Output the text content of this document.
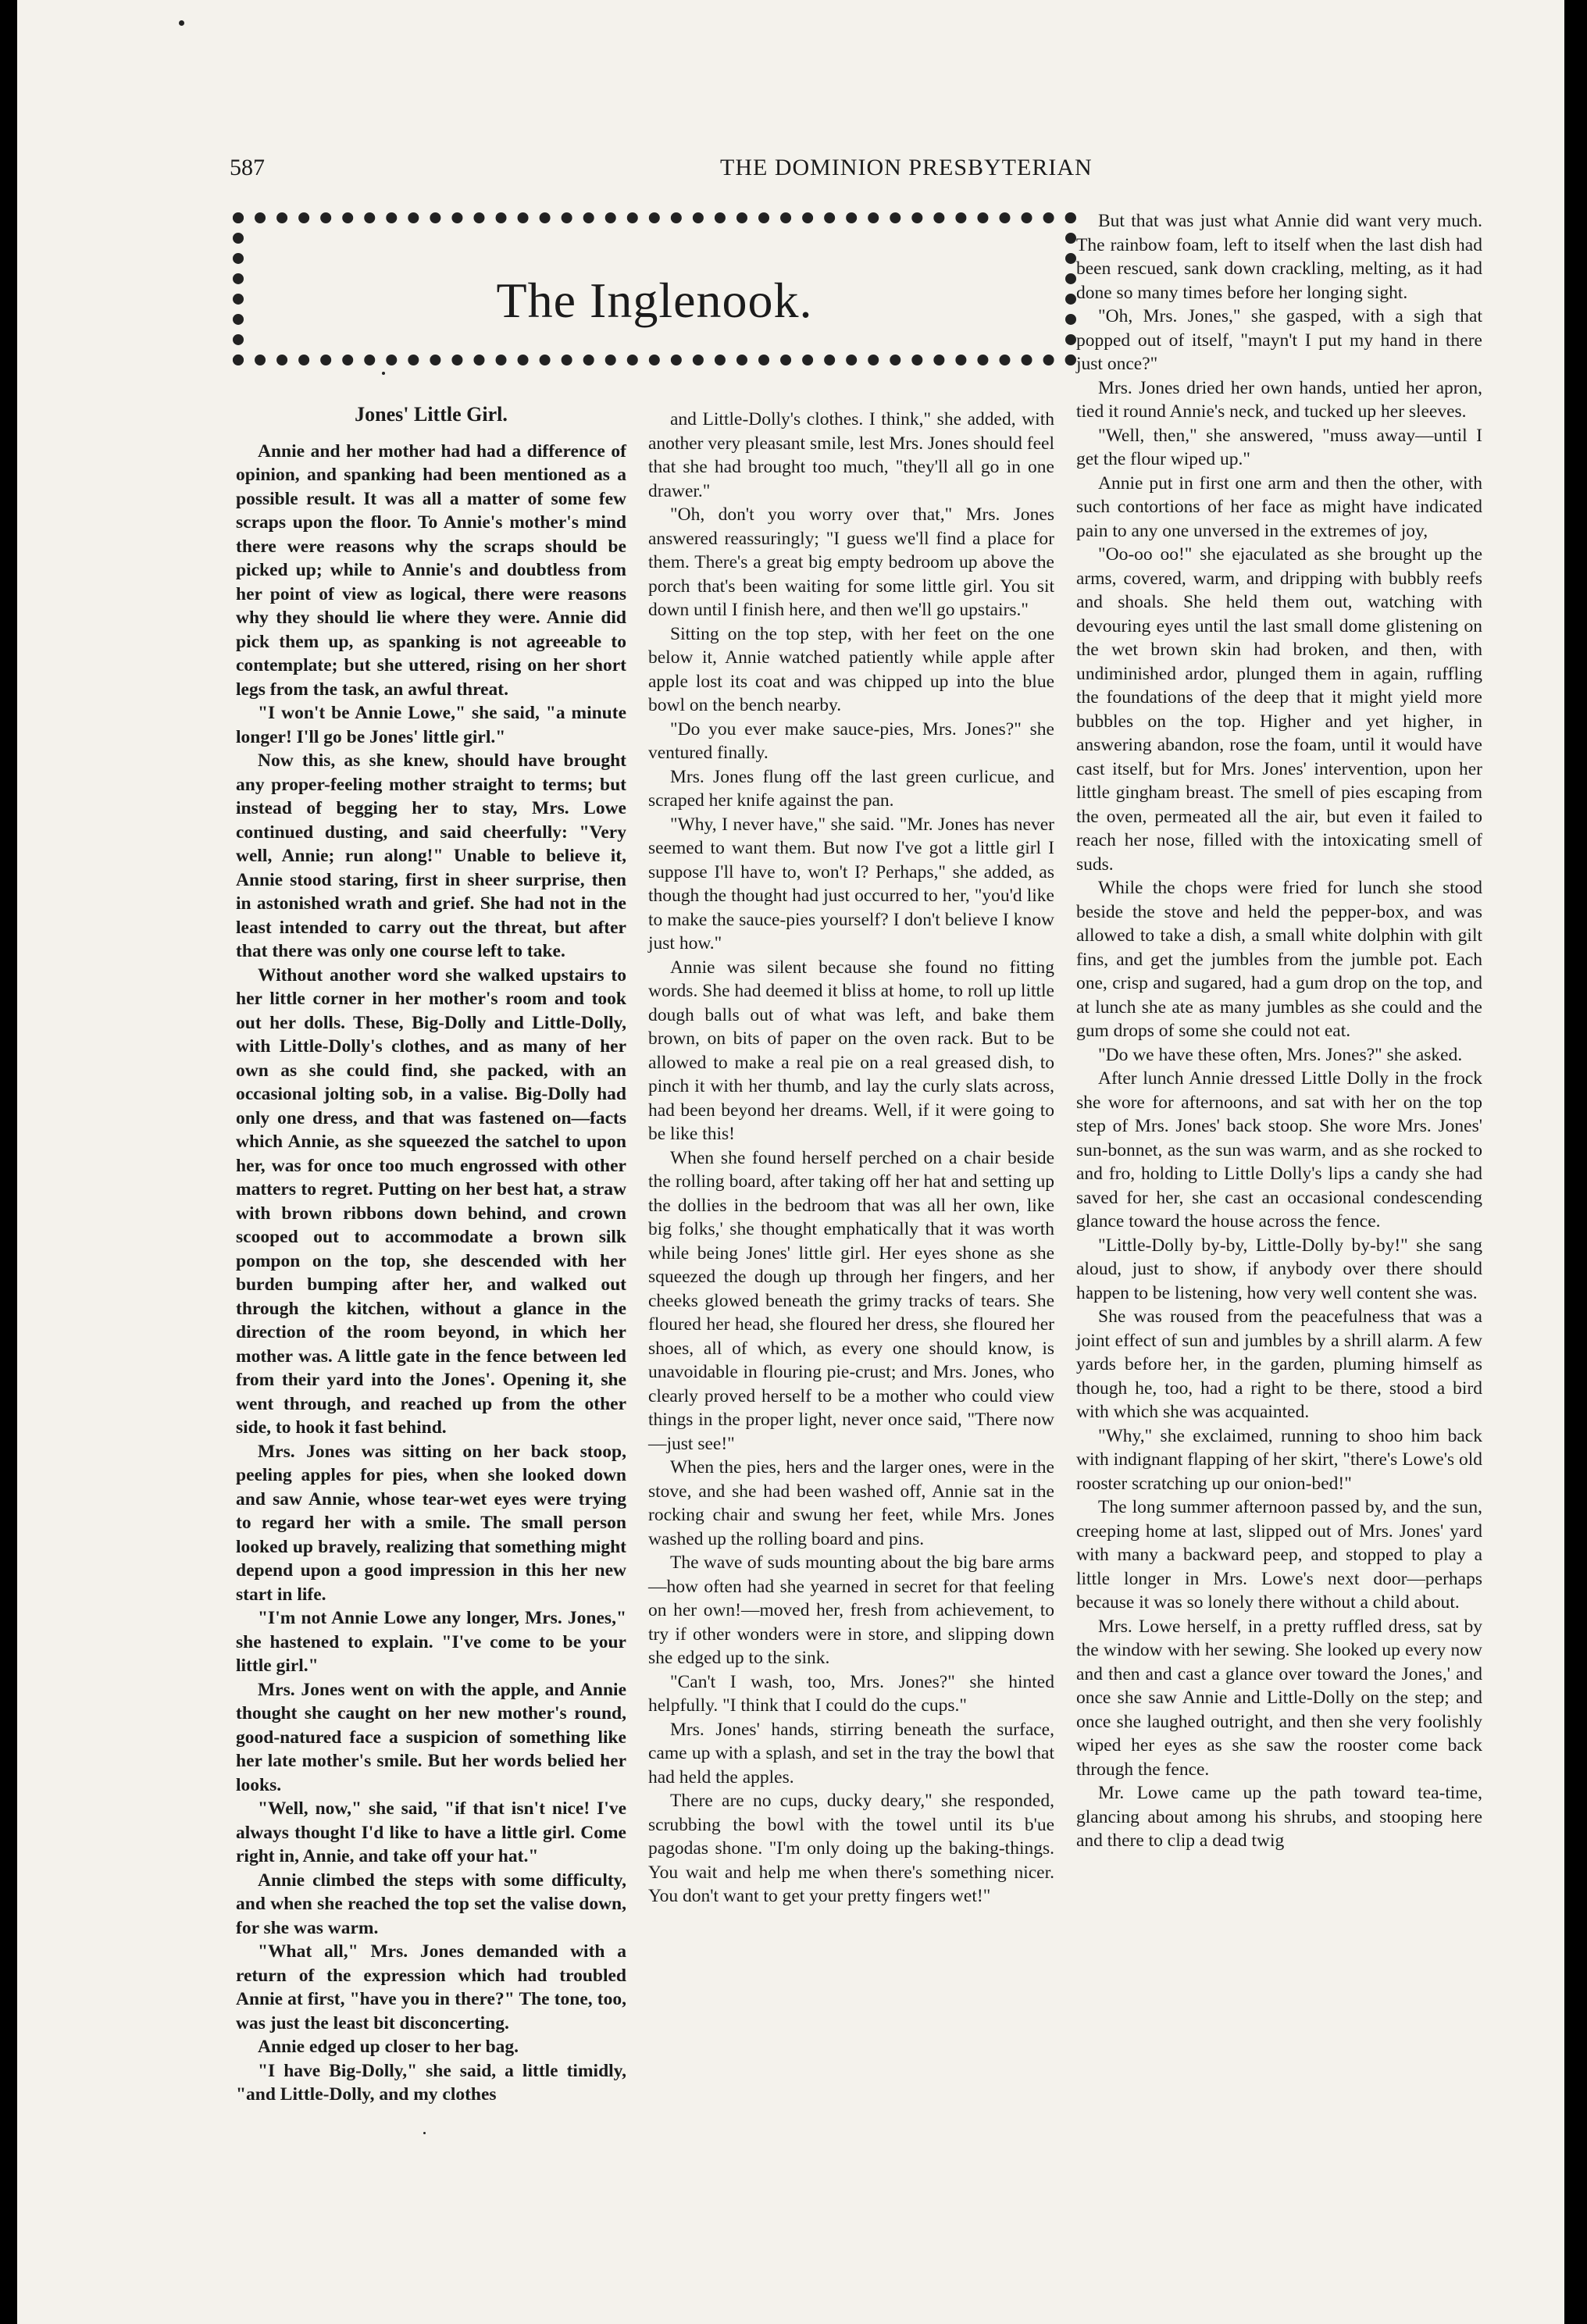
587	THE DOMINION PRESBYTERIAN
The Inglenook.
Jones' Little Girl.

Annie and her mother had had a difference of opinion, and spanking had been mentioned as a possible result. It was all a matter of some few scraps upon the floor. To Annie's mother's mind there were reasons why the scraps should be picked up; while to Annie's and doubtless from her point of view as logical, there were reasons why they should lie where they were. Annie did pick them up, as spanking is not agreeable to contemplate; but she uttered, rising on her short legs from the task, an awful threat.

"I won't be Annie Lowe," she said, "a minute longer! I'll go be Jones' little girl."

Now this, as she knew, should have brought any proper-feeling mother straight to terms; but instead of begging her to stay, Mrs. Lowe continued dusting, and said cheerfully: "Very well, Annie; run along!" Unable to believe it, Annie stood staring, first in sheer surprise, then in astonished wrath and grief. She had not in the least intended to carry out the threat, but after that there was only one course left to take.

Without another word she walked upstairs to her little corner in her mother's room and took out her dolls. These, Big-Dolly and Little-Dolly, with Little-Dolly's clothes, and as many of her own as she could find, she packed, with an occasional jolting sob, in a valise. Big-Dolly had only one dress, and that was fastened on—facts which Annie, as she squeezed the satchel to upon her, was for once too much engrossed with other matters to regret. Putting on her best hat, a straw with brown ribbons down behind, and crown scooped out to accommodate a brown silk pompon on the top, she descended with her burden bumping after her, and walked out through the kitchen, without a glance in the direction of the room beyond, in which her mother was. A little gate in the fence between led from their yard into the Jones'. Opening it, she went through, and reached up from the other side, to hook it fast behind.

Mrs. Jones was sitting on her back stoop, peeling apples for pies, when she looked down and saw Annie, whose tear-wet eyes were trying to regard her with a smile. The small person looked up bravely, realizing that something might depend upon a good impression in this her new start in life.

"I'm not Annie Lowe any longer, Mrs. Jones," she hastened to explain. "I've come to be your little girl."

Mrs. Jones went on with the apple, and Annie thought she caught on her new mother's round, good-natured face a suspicion of something like her late mother's smile. But her words belied her looks.

"Well, now," she said, "if that isn't nice! I've always thought I'd like to have a little girl. Come right in, Annie, and take off your hat."

Annie climbed the steps with some difficulty, and when she reached the top set the valise down, for she was warm.

"What all," Mrs. Jones demanded with a return of the expression which had troubled Annie at first, "have you in there?" The tone, too, was just the least bit disconcerting.

Annie edged up closer to her bag.

"I have Big-Dolly," she said, a little timidly, "and Little-Dolly, and my clothes

and Little-Dolly's clothes. I think," she added, with another very pleasant smile, lest Mrs. Jones should feel that she had brought too much, "they'll all go in one drawer."

"Oh, don't you worry over that," Mrs. Jones answered reassuringly; "I guess we'll find a place for them. There's a great big empty bedroom up above the porch that's been waiting for some little girl. You sit down until I finish here, and then we'll go upstairs."

Sitting on the top step, with her feet on the one below it, Annie watched patiently while apple after apple lost its coat and was chipped up into the blue bowl on the bench nearby.

"Do you ever make sauce-pies, Mrs. Jones?" she ventured finally.

Mrs. Jones flung off the last green curlicue, and scraped her knife against the pan.

"Why, I never have," she said. "Mr. Jones has never seemed to want them. But now I've got a little girl I suppose I'll have to, won't I? Perhaps," she added, as though the thought had just occurred to her, "you'd like to make the sauce-pies yourself? I don't believe I know just how."

Annie was silent because she found no fitting words. She had deemed it bliss at home, to roll up little dough balls out of what was left, and bake them brown, on bits of paper on the oven rack. But to be allowed to make a real pie on a real greased dish, to pinch it with her thumb, and lay the curly slats across, had been beyond her dreams. Well, if it were going to be like this!

When she found herself perched on a chair beside the rolling board, after taking off her hat and setting up the dollies in the bedroom that was all her own, like big folks,' she thought emphatically that it was worth while being Jones' little girl. Her eyes shone as she squeezed the dough up through her fingers, and her cheeks glowed beneath the grimy tracks of tears. She floured her head, she floured her dress, she floured her shoes, all of which, as every one should know, is unavoidable in flouring pie-crust; and Mrs. Jones, who clearly proved herself to be a mother who could view things in the proper light, never once said, "There now—just see!"

When the pies, hers and the larger ones, were in the stove, and she had been washed off, Annie sat in the rocking chair and swung her feet, while Mrs. Jones washed up the rolling board and pins.

The wave of suds mounting about the big bare arms—how often had she yearned in secret for that feeling on her own!—moved her, fresh from achievement, to try if other wonders were in store, and slipping down she edged up to the sink.

"Can't I wash, too, Mrs. Jones?" she hinted helpfully. "I think that I could do the cups."

Mrs. Jones' hands, stirring beneath the surface, came up with a splash, and set in the tray the bowl that had held the apples.

There are no cups, ducky deary," she responded, scrubbing the bowl with the towel until its b'ue pagodas shone. "I'm only doing up the baking-things. You wait and help me when there's something nicer. You don't want to get your pretty fingers wet!"

But that was just what Annie did want very much. The rainbow foam, left to itself when the last dish had been rescued, sank down crackling, melting, as it had done so many times before her longing sight.

"Oh, Mrs. Jones," she gasped, with a sigh that popped out of itself, "mayn't I put my hand in there just once?"

Mrs. Jones dried her own hands, untied her apron, tied it round Annie's neck, and tucked up her sleeves.

"Well, then," she answered, "muss away—until I get the flour wiped up."

Annie put in first one arm and then the other, with such contortions of her face as might have indicated pain to any one unversed in the extremes of joy,

"Oo-oo oo!" she ejaculated as she brought up the arms, covered, warm, and dripping with bubbly reefs and shoals. She held them out, watching with devouring eyes until the last small dome glistening on the wet brown skin had broken, and then, with undiminished ardor, plunged them in again, ruffling the foundations of the deep that it might yield more bubbles on the top. Higher and yet higher, in answering abandon, rose the foam, until it would have cast itself, but for Mrs. Jones' intervention, upon her little gingham breast. The smell of pies escaping from the oven, permeated all the air, but even it failed to reach her nose, filled with the intoxicating smell of suds.

While the chops were fried for lunch she stood beside the stove and held the pepper-box, and was allowed to take a dish, a small white dolphin with gilt fins, and get the jumbles from the jumble pot. Each one, crisp and sugared, had a gum drop on the top, and at lunch she ate as many jumbles as she could and the gum drops of some she could not eat.

"Do we have these often, Mrs. Jones?" she asked.

After lunch Annie dressed Little Dolly in the frock she wore for afternoons, and sat with her on the top step of Mrs. Jones' back stoop. She wore Mrs. Jones' sun-bonnet, as the sun was warm, and as she rocked to and fro, holding to Little Dolly's lips a candy she had saved for her, she cast an occasional condescending glance toward the house across the fence.

"Little-Dolly by-by, Little-Dolly by-by!" she sang aloud, just to show, if anybody over there should happen to be listening, how very well content she was.

She was roused from the peacefulness that was a joint effect of sun and jumbles by a shrill alarm. A few yards before her, in the garden, pluming himself as though he, too, had a right to be there, stood a bird with which she was acquainted.

"Why," she exclaimed, running to shoo him back with indignant flapping of her skirt, "there's Lowe's old rooster scratching up our onion-bed!"

The long summer afternoon passed by, and the sun, creeping home at last, slipped out of Mrs. Jones' yard with many a backward peep, and stopped to play a little longer in Mrs. Lowe's next door—perhaps because it was so lonely there without a child about.

Mrs. Lowe herself, in a pretty ruffled dress, sat by the window with her sewing. She looked up every now and then and cast a glance over toward the Jones,' and once she saw Annie and Little-Dolly on the step; and once she laughed outright, and then she very foolishly wiped her eyes as she saw the rooster come back through the fence.

Mr. Lowe came up the path toward tea-time, glancing about among his shrubs, and stooping here and there to clip a dead twig
